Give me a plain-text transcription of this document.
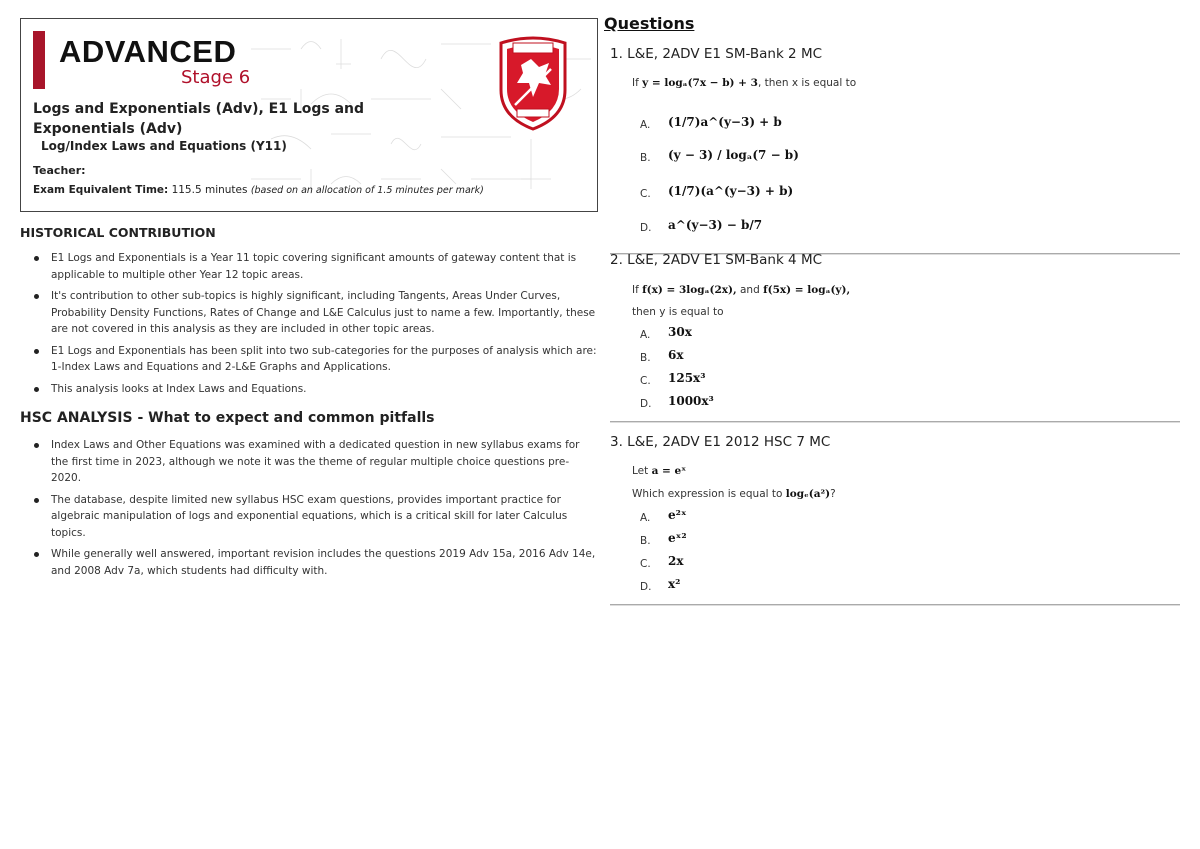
ADVANCED
Stage 6
Logs and Exponentials (Adv), E1 Logs and Exponentials (Adv)
Log/Index Laws and Equations (Y11)
Teacher:
Exam Equivalent Time: 115.5 minutes (based on an allocation of 1.5 minutes per mark)

HISTORICAL CONTRIBUTION

E1 Logs and Exponentials is a Year 11 topic covering significant amounts of gateway content that is applicable to multiple other Year 12 topic areas.
It's contribution to other sub-topics is highly significant, including Tangents, Areas Under Curves, Probability Density Functions, Rates of Change and L&E Calculus just to name a few. Importantly, these are not covered in this analysis as they are included in other topic areas.
E1 Logs and Exponentials has been split into two sub-categories for the purposes of analysis which are: 1-Index Laws and Equations and 2-L&E Graphs and Applications.
This analysis looks at Index Laws and Equations.

HSC ANALYSIS - What to expect and common pitfalls

Index Laws and Other Equations was examined with a dedicated question in new syllabus exams for the first time in 2023, although we note it was the theme of regular multiple choice questions pre-2020.
The database, despite limited new syllabus HSC exam questions, provides important practice for algebraic manipulation of logs and exponential equations, which is a critical skill for later Calculus topics.
While generally well answered, important revision includes the questions 2019 Adv 15a, 2016 Adv 14e, and 2008 Adv 7a, which students had difficulty with.
Questions
1. L&E, 2ADV E1 SM-Bank 2 MC
If y = logₐ(7x − b) + 3, then x is equal to
A. (1/7)a^(y−3) + b
B. (y − 3) / logₐ(7 − b)
C. (1/7)(a^(y−3) + b)
D. a^(y−3) − b/7
2. L&E, 2ADV E1 SM-Bank 4 MC
If f(x) = 3logₐ(2x), and f(5x) = logₐ(y),
then y is equal to
A. 30x
B. 6x
C. 125x³
D. 1000x³
3. L&E, 2ADV E1 2012 HSC 7 MC
Let a = eˣ
Which expression is equal to logₑ(a²)?
A. e²ˣ
B. eˣ²
C. 2x
D. x²
